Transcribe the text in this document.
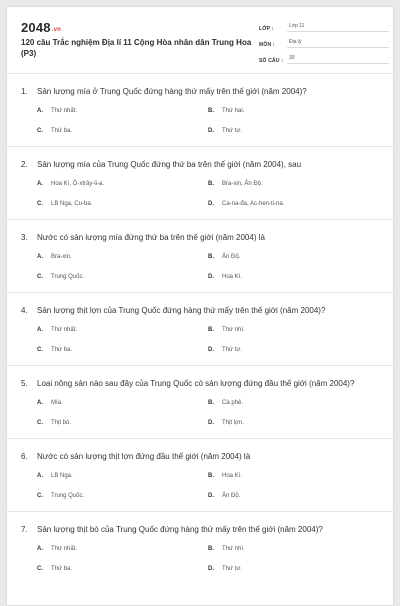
2048.vn
120 câu Trắc nghiệm Địa lí 11 Cộng Hòa nhân dân Trung Hoa (P3)
LỚP :	Lớp 11
MÔN :	Địa lý
SỐ CÂU :	30
1.	Sản lượng mía ở Trung Quốc đứng hàng thứ mấy trên thế giới (năm 2004)?
A.	Thứ nhất.	B.	Thứ hai.
C.	Thứ ba.	D.	Thứ tư.
2.	Sản lượng mía của Trung Quốc đứng thứ ba trên thế giới (năm 2004), sau
A.	Hoa Kì, Ô-xtrây-li-a.	B.	Bra-xin, Ấn Độ.
C.	LB Nga, Cu-ba.	D.	Ca-na-đa, Ac-hen-ti-na.
3.	Nước có sản lượng mía đứng thứ ba trên thế giới (năm 2004) là
A.	Bra-xin.	B.	Ấn Độ.
C.	Trung Quốc.	D.	Hoa Kì.
4.	Sản lượng thịt lợn của Trung Quốc đứng hàng thứ mấy trên thế giới (năm 2004)?
A.	Thứ nhất.	B.	Thứ nhì.
C.	Thứ ba.	D.	Thứ tư.
5.	Loại nông sản nào sau đây của Trung Quốc có sản lượng đứng đầu thế giới (năm 2004)?
A.	Mía.	B.	Cà phê.
C.	Thịt bò.	D.	Thịt lợn.
6.	Nước có sản lượng thịt lợn đứng đầu thế giới (năm 2004) là
A.	LB Nga.	B.	Hoa Kì.
C.	Trung Quốc.	D.	Ấn Độ.
7.	Sản lượng thịt bò của Trung Quốc đứng hàng thứ mấy trên thế giới (năm 2004)?
A.	Thứ nhất.	B.	Thứ nhì.
C.	Thứ ba.	D.	Thứ tư.
